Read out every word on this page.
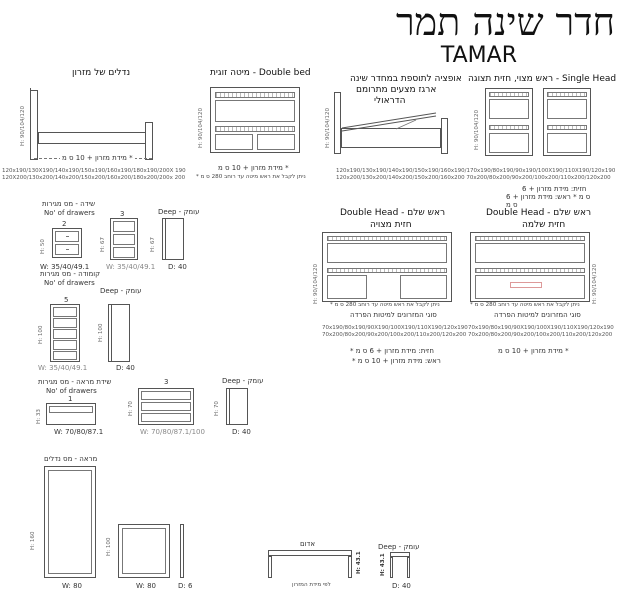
חדר שינה תמר
TAMAR
נדלים של מזרון
H: 90/104/120
מידת מזרון + 10 ס מ *
120x190/130X190/140x190/150x190/160x190/180x190/200X 190 120X200/130x200/140x200/150x200/160x200/180x200/200x 200
מיטה זוגית - Double bed
H: 90/104/120
מידת מזרון + 10 ס מ *
* ניתן לקבל את ראש מיטה עד רוחב 280 ס מ
אופציה לתוספת במחדר שינה
ארגז מצעים מתרומם
הדראולי
H: 90/104/120
120x190/130x190/140x190/150x190/160x190/170x190/80x190/90x190/100X190/110X190/120x190 120x200/130x200/140x200/150x200/160x200 70x200/80x200/90x200/100x200/110x200/120x200
ראש מצוי, חזית תצוגה - Single Head
H: 90/104/120
חזית: מידת מזרון + 6
ס מ * ראש: מידת מזרון + 6 ס מ
שידה - מס מגירות
No' of drawers
2
H: 50
W: 35/40/49.1
3
H: 67
W: 35/40/49.1
Deep - עומק
H: 67
D: 40
קומודה - מס מגירות
No' of drawers
5
H: 100
W: 35/40/49.1
Deep - עומק
H: 100
D: 40
Double Head - ראש שלם
חזית מצויה
H: 90/104/120
* ניתן לקבל את ראש מיטה עד רוחב 280 ס מ
סוגי המזרונים למיטות הפרדה
70x190/80x190/90X190/100X190/110X190/120x190 70x200/80x200/90x200/100x200/110x200/120x200
* חזית: מידת מזרון + 6 ס מ
* ראש: מידת מזרון + 10 ס מ
Double Head - ראש שלם
חזית שלמה
H: 90/104/120
* ניתן לקבל את ראש מיטה עד רוחב 280 ס מ
סוגי המזרונים למיטות הפרדה
70x190/80x190/90X190/100X190/110X190/120x190 70x200/80x200/90x200/100x200/110x200/120x200
מידת מזרון + 10 ס מ *
שידת מראה - מס מגירות
No' of drawers
1
H: 33
W: 70/80/87.1
3
H: 70
W: 70/80/87.1/100
Deep - עומק
H: 70
D: 40
מראה - מס נדלים
H: 160
W: 80
H: 100
W: 80	D: 6
אדום
H: 43.1
לפי מידת המזרון
Deep - עומק
H: 43.1
D: 40
